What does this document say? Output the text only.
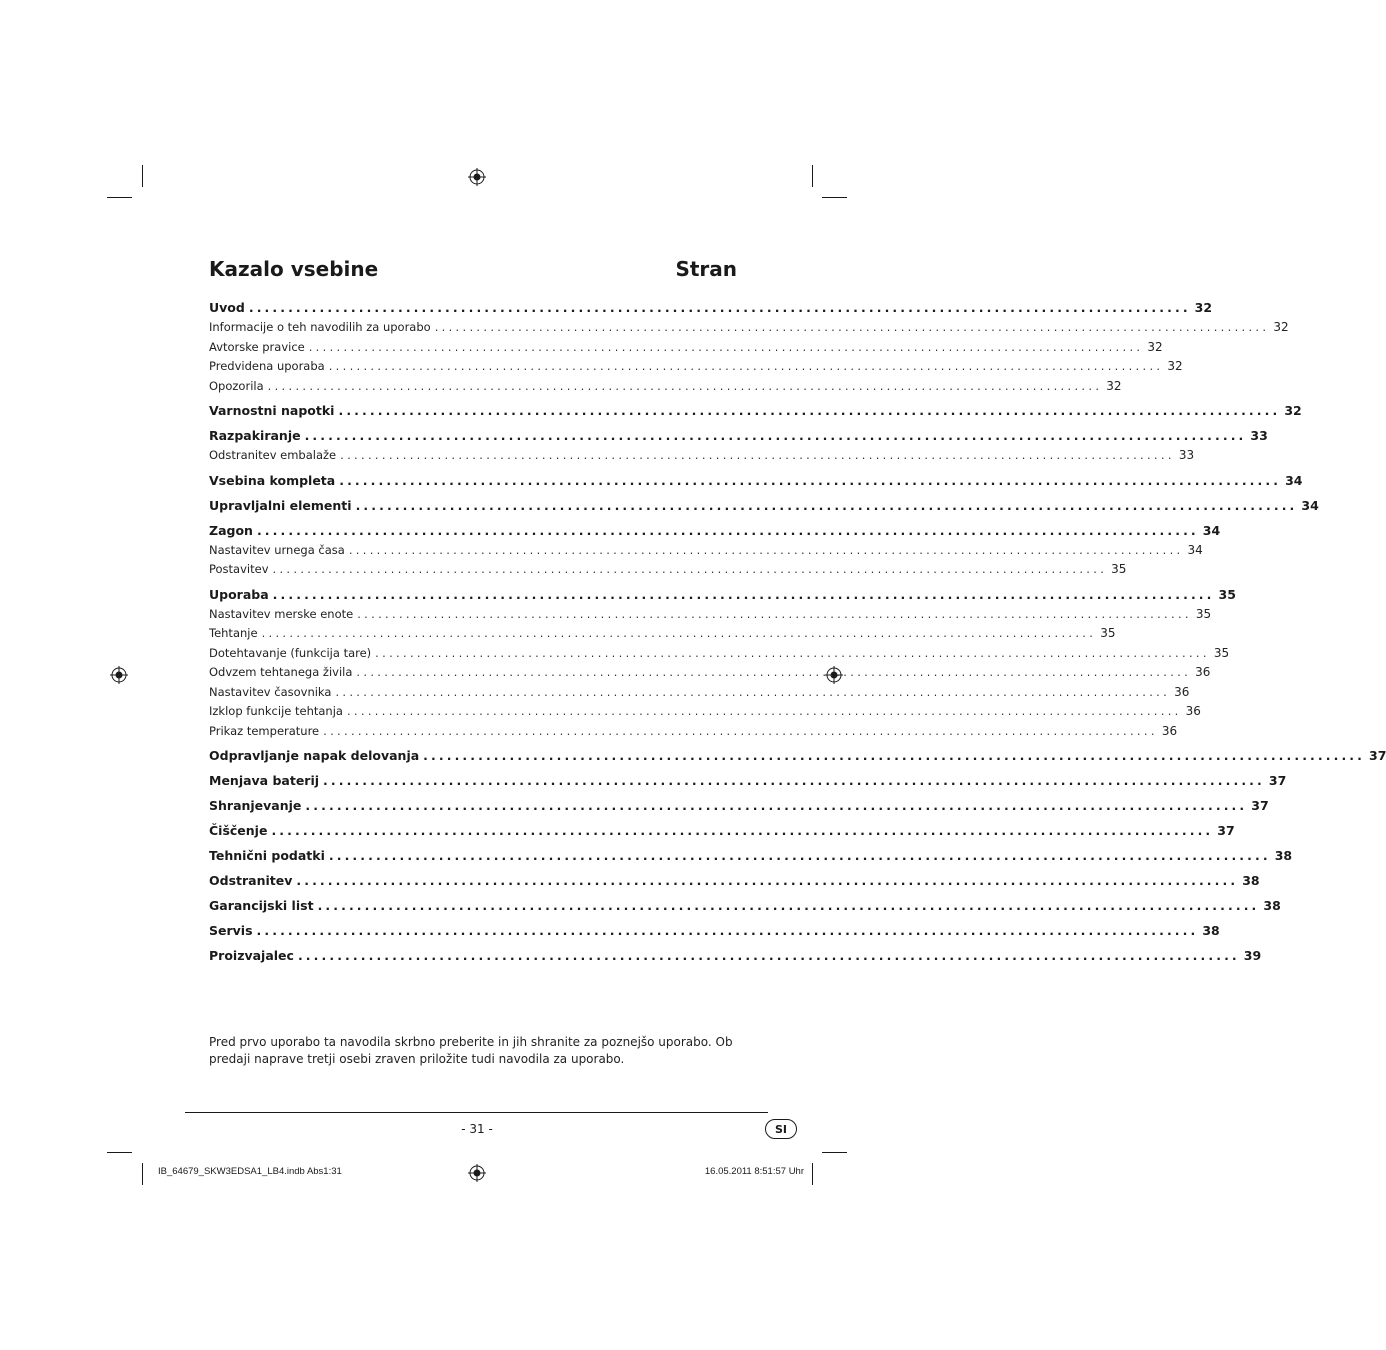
Kazalo vsebine	Stran
Uvod ........................................................................................................................ 32
Informacije o teh navodilih za uporabo ........................................................................................................................ 32
Avtorske pravice ........................................................................................................................ 32
Predvidena uporaba ........................................................................................................................ 32
Opozorila ........................................................................................................................ 32
Varnostni napotki ........................................................................................................................ 32
Razpakiranje ........................................................................................................................ 33
Odstranitev embalaže ........................................................................................................................ 33
Vsebina kompleta ........................................................................................................................ 34
Upravljalni elementi ........................................................................................................................ 34
Zagon ........................................................................................................................ 34
Nastavitev urnega časa ........................................................................................................................ 34
Postavitev ........................................................................................................................ 35
Uporaba ........................................................................................................................ 35
Nastavitev merske enote ........................................................................................................................ 35
Tehtanje ........................................................................................................................ 35
Dotehtavanje (funkcija tare) ........................................................................................................................ 35
Odvzem tehtanega živila ........................................................................................................................ 36
Nastavitev časovnika ........................................................................................................................ 36
Izklop funkcije tehtanja ........................................................................................................................ 36
Prikaz temperature ........................................................................................................................ 36
Odpravljanje napak delovanja ........................................................................................................................ 37
Menjava baterij ........................................................................................................................ 37
Shranjevanje ........................................................................................................................ 37
Čiščenje ........................................................................................................................ 37
Tehnični podatki ........................................................................................................................ 38
Odstranitev ........................................................................................................................ 38
Garancijski list ........................................................................................................................ 38
Servis ........................................................................................................................ 38
Proizvajalec ........................................................................................................................ 39
Pred prvo uporabo ta navodila skrbno preberite in jih shranite za poznejšo uporabo. Ob predaji naprave tretji osebi zraven priložite tudi navodila za uporabo.
- 31 -	SI
IB_64679_SKW3EDSA1_LB4.indb Abs1:31	16.05.2011 8:51:57 Uhr
